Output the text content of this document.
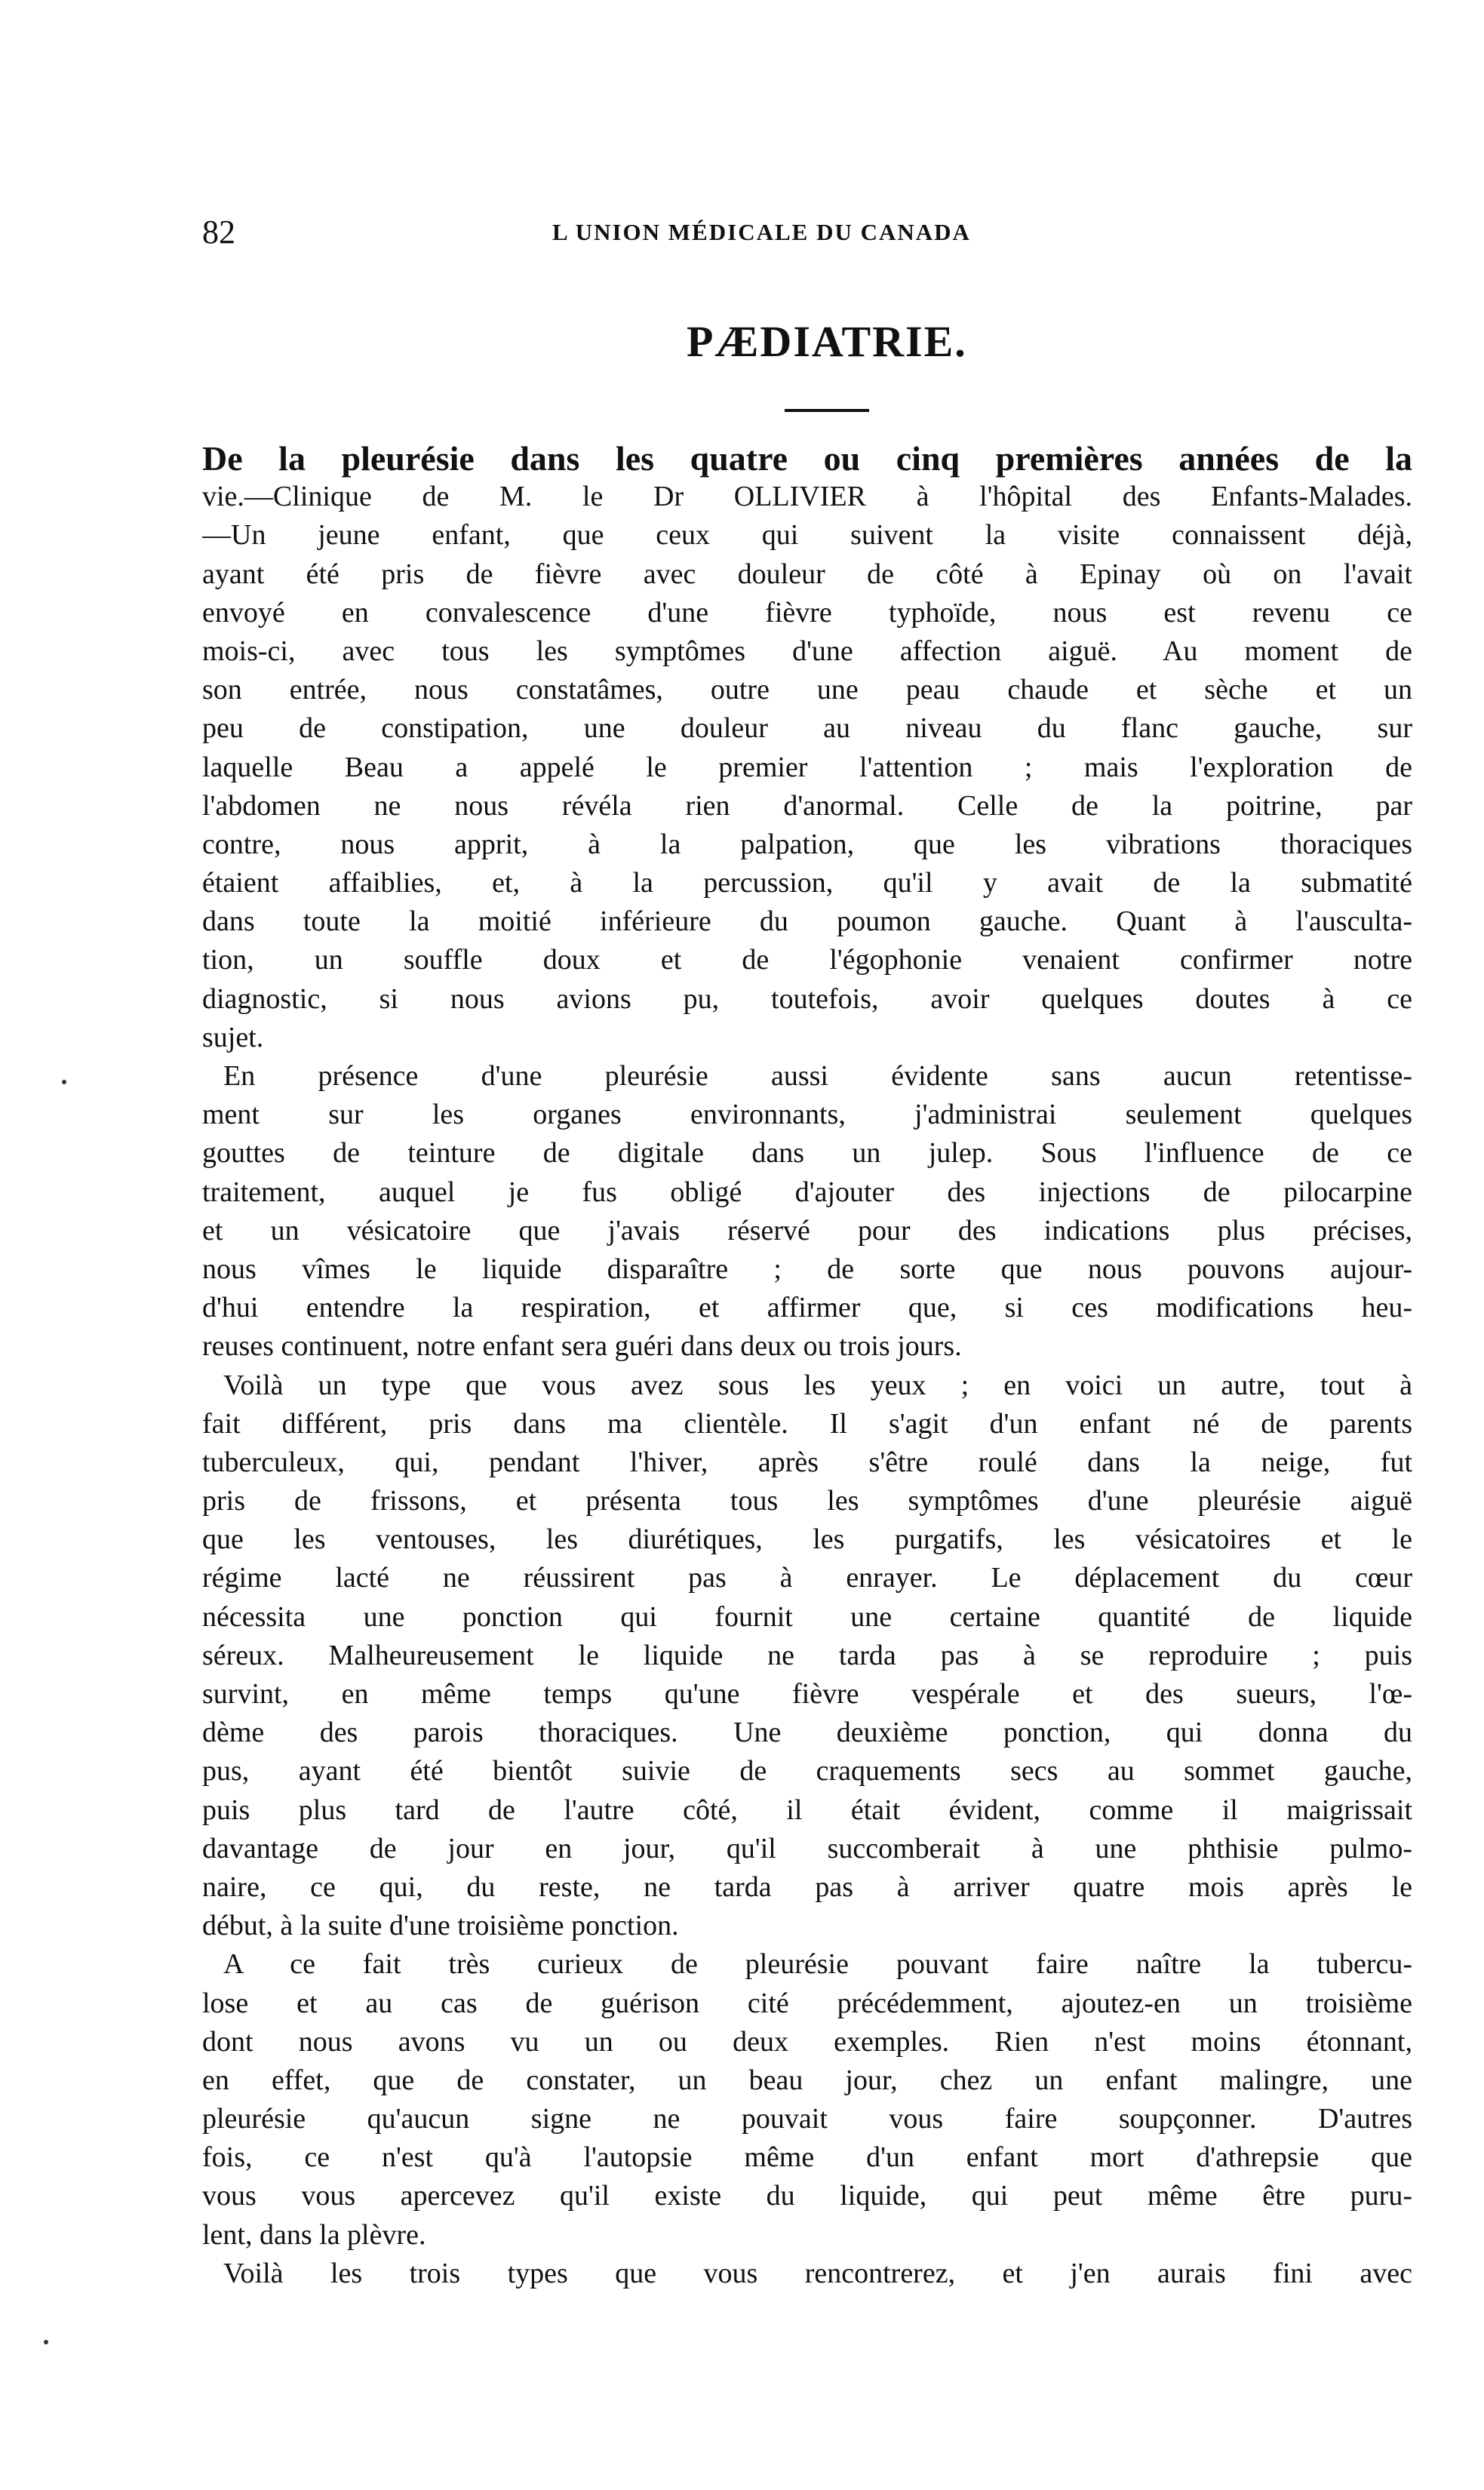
82	L UNION MÉDICALE DU CANADA
PÆDIATRIE.
De la pleurésie dans les quatre ou cinq premières années de la
vie.—Clinique de M. le Dr OLLIVIER à l'hôpital des Enfants-Malades.
—Un jeune enfant, que ceux qui suivent la visite connaissent déjà,
ayant été pris de fièvre avec douleur de côté à Epinay où on l'avait
envoyé en convalescence d'une fièvre typhoïde, nous est revenu ce
mois-ci, avec tous les symptômes d'une affection aiguë. Au moment de
son entrée, nous constatâmes, outre une peau chaude et sèche et un
peu de constipation, une douleur au niveau du flanc gauche, sur
laquelle Beau a appelé le premier l'attention ; mais l'exploration de
l'abdomen ne nous révéla rien d'anormal. Celle de la poitrine, par
contre, nous apprit, à la palpation, que les vibrations thoraciques
étaient affaiblies, et, à la percussion, qu'il y avait de la submatité
dans toute la moitié inférieure du poumon gauche. Quant à l'ausculta-
tion, un souffle doux et de l'égophonie venaient confirmer notre
diagnostic, si nous avions pu, toutefois, avoir quelques doutes à ce
sujet.
En présence d'une pleurésie aussi évidente sans aucun retentisse-
ment sur les organes environnants, j'administrai seulement quelques
gouttes de teinture de digitale dans un julep. Sous l'influence de ce
traitement, auquel je fus obligé d'ajouter des injections de pilocarpine
et un vésicatoire que j'avais réservé pour des indications plus précises,
nous vîmes le liquide disparaître ; de sorte que nous pouvons aujour-
d'hui entendre la respiration, et affirmer que, si ces modifications heu-
reuses continuent, notre enfant sera guéri dans deux ou trois jours.
Voilà un type que vous avez sous les yeux ; en voici un autre, tout à
fait différent, pris dans ma clientèle. Il s'agit d'un enfant né de parents
tuberculeux, qui, pendant l'hiver, après s'être roulé dans la neige, fut
pris de frissons, et présenta tous les symptômes d'une pleurésie aiguë
que les ventouses, les diurétiques, les purgatifs, les vésicatoires et le
régime lacté ne réussirent pas à enrayer. Le déplacement du cœur
nécessita une ponction qui fournit une certaine quantité de liquide
séreux. Malheureusement le liquide ne tarda pas à se reproduire ; puis
survint, en même temps qu'une fièvre vespérale et des sueurs, l'œ-
dème des parois thoraciques. Une deuxième ponction, qui donna du
pus, ayant été bientôt suivie de craquements secs au sommet gauche,
puis plus tard de l'autre côté, il était évident, comme il maigrissait
davantage de jour en jour, qu'il succomberait à une phthisie pulmo-
naire, ce qui, du reste, ne tarda pas à arriver quatre mois après le
début, à la suite d'une troisième ponction.
A ce fait très curieux de pleurésie pouvant faire naître la tubercu-
lose et au cas de guérison cité précédemment, ajoutez-en un troisième
dont nous avons vu un ou deux exemples. Rien n'est moins étonnant,
en effet, que de constater, un beau jour, chez un enfant malingre, une
pleurésie qu'aucun signe ne pouvait vous faire soupçonner. D'autres
fois, ce n'est qu'à l'autopsie même d'un enfant mort d'athrepsie que
vous vous apercevez qu'il existe du liquide, qui peut même être puru-
lent, dans la plèvre.
Voilà les trois types que vous rencontrerez, et j'en aurais fini avec
